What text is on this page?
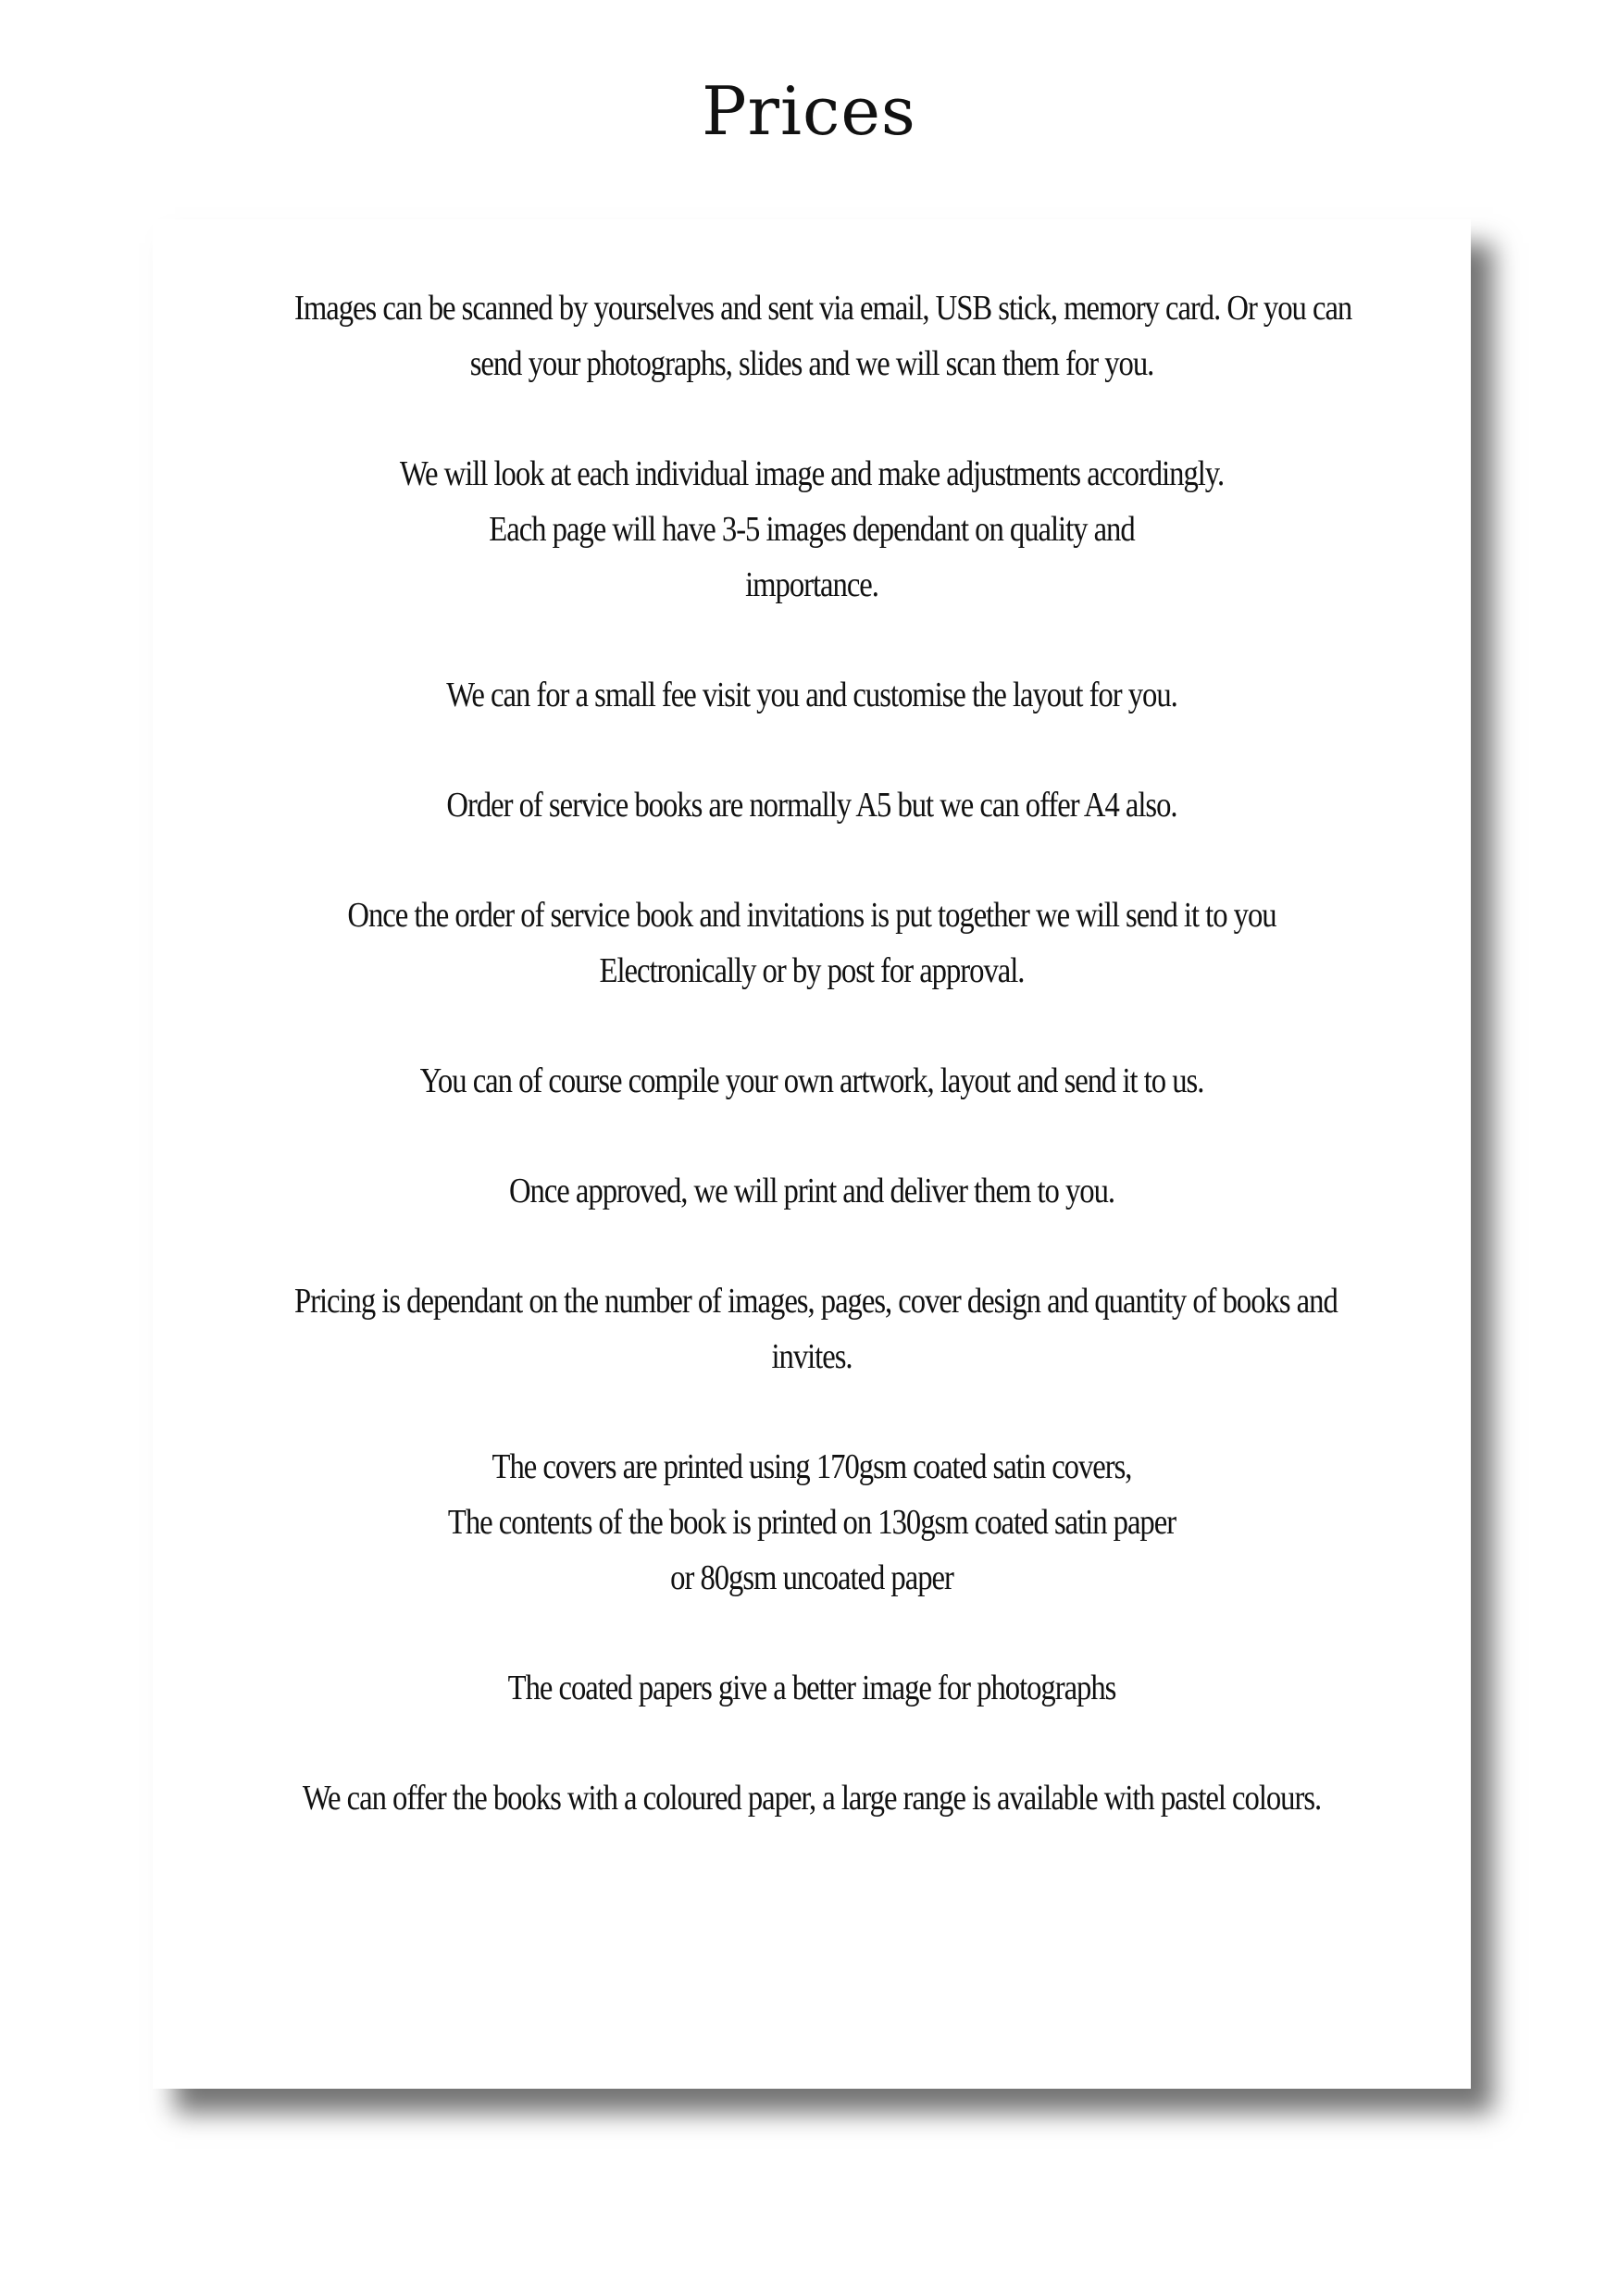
Prices

Images can be scanned by yourselves and sent via email, USB stick, memory card. Or you can
send your photographs, slides and we will scan them for you.

We will look at each individual image and make adjustments accordingly.
Each page will have 3-5 images dependant on quality and
importance.

We can for a small fee visit you and customise the layout for you.

Order of service books are normally A5 but we can offer A4 also.

Once the order of service book and invitations is put together we will send it to you
Electronically or by post for approval.

You can of course compile your own artwork, layout and send it to us.

Once approved, we will print and deliver them to you.

Pricing is dependant on the number of images, pages, cover design and quantity of books and
invites.

The covers are printed using 170gsm coated satin covers,
The contents of the book is printed on 130gsm coated satin paper
or 80gsm uncoated paper

The coated papers give a better image for photographs

We can offer the books with a coloured paper, a large range is available with pastel colours.
